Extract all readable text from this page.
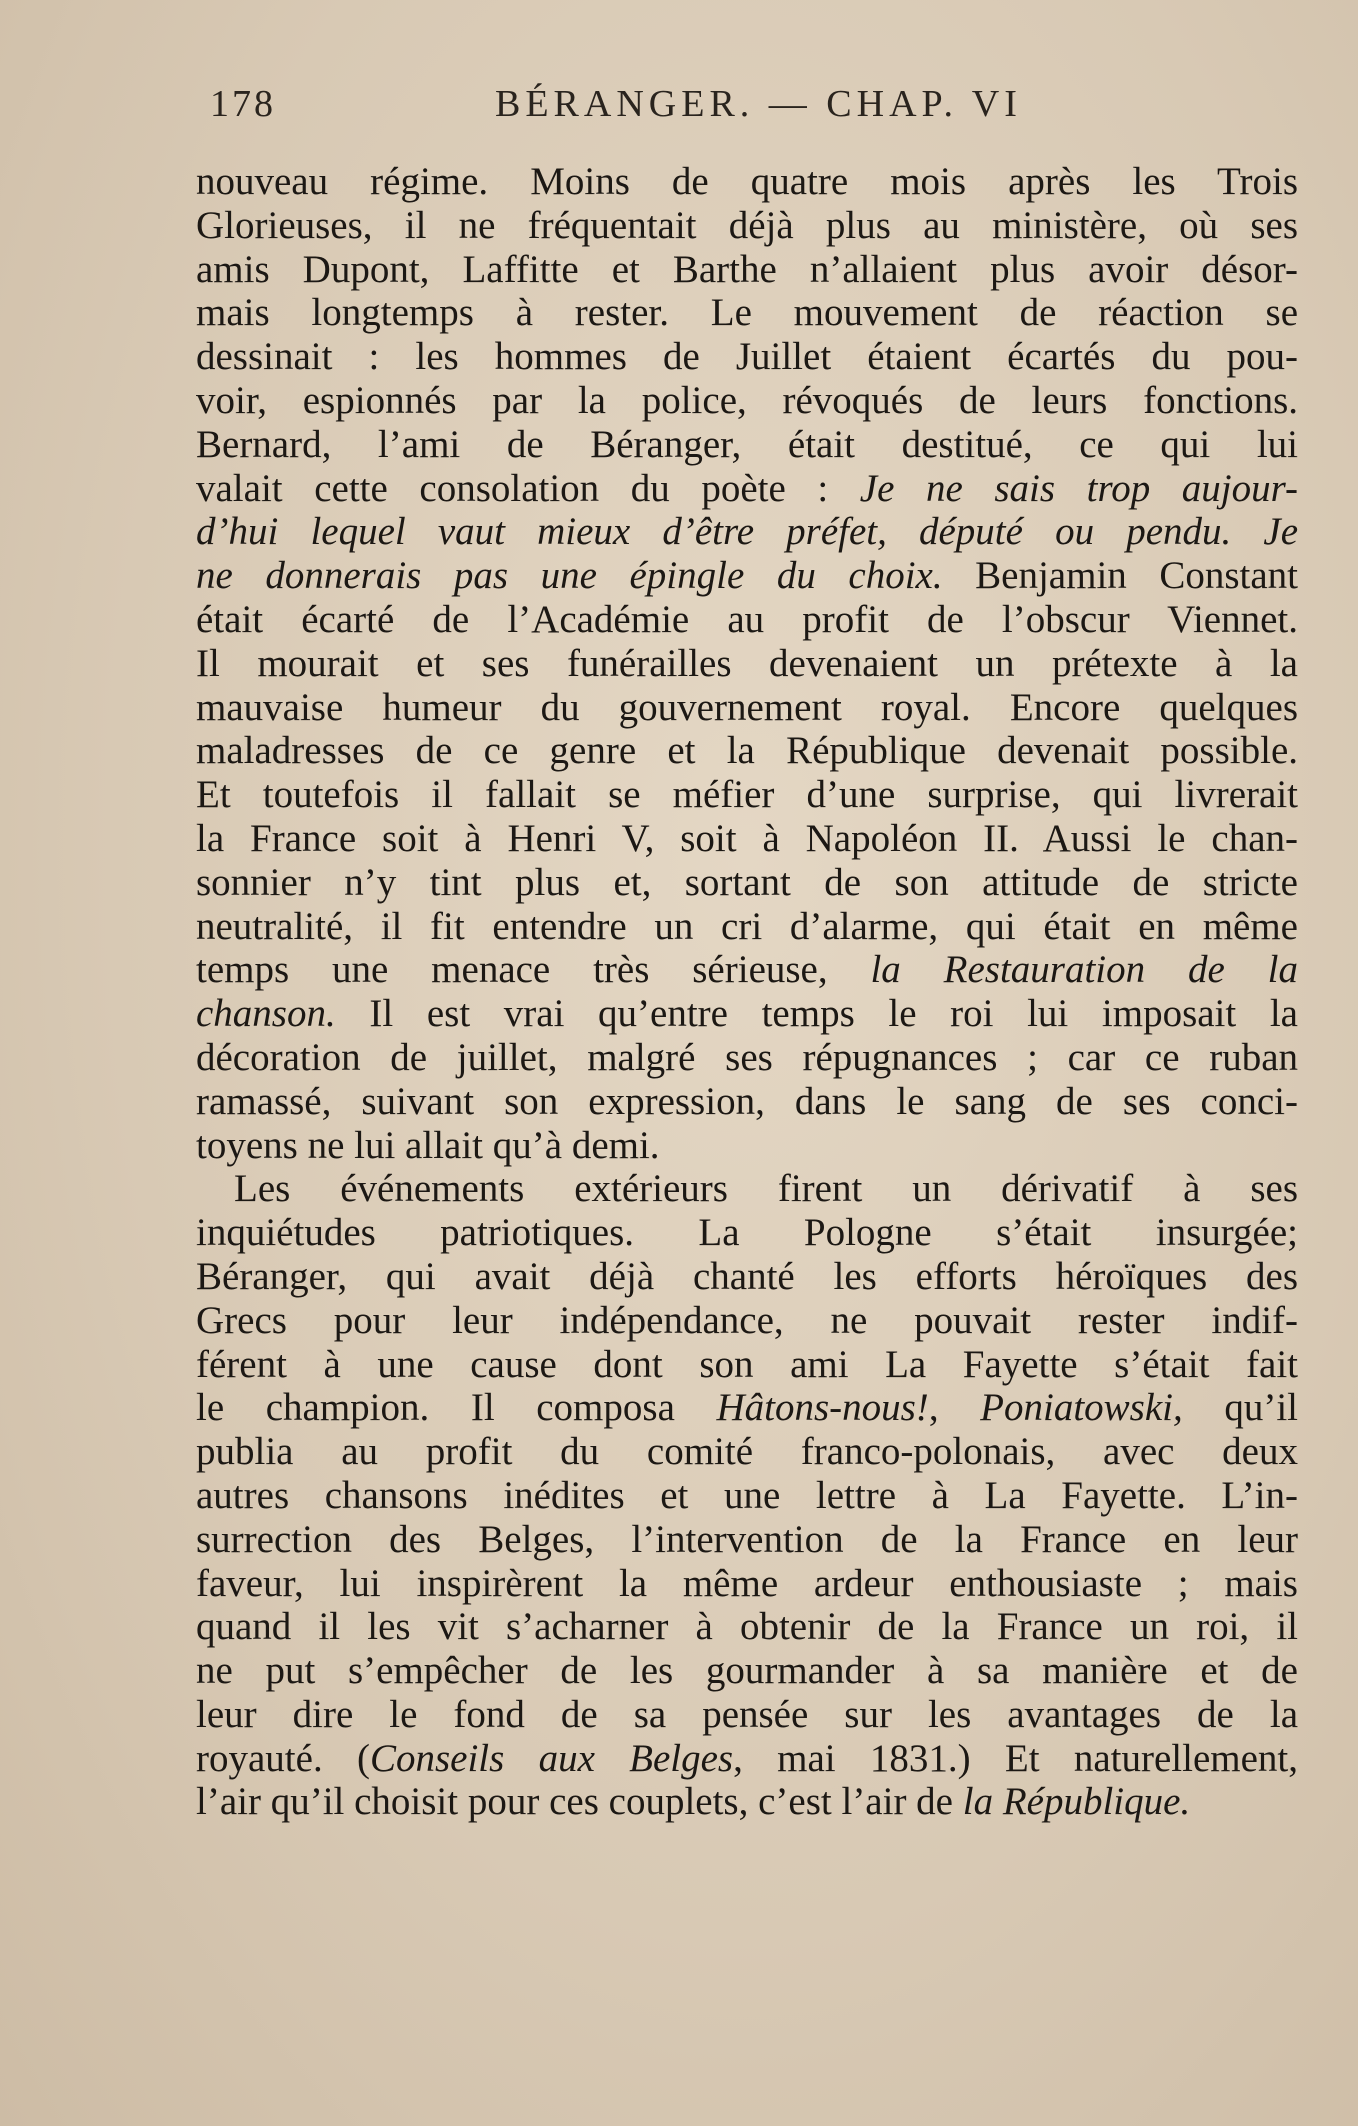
178	BÉRANGER. — CHAP. VI
nouveau régime. Moins de quatre mois après les Trois
Glorieuses, il ne fréquentait déjà plus au ministère, où ses
amis Dupont, Laffitte et Barthe n’allaient plus avoir désor-
mais longtemps à rester. Le mouvement de réaction se
dessinait : les hommes de Juillet étaient écartés du pou-
voir, espionnés par la police, révoqués de leurs fonctions.
Bernard, l’ami de Béranger, était destitué, ce qui lui
valait cette consolation du poète : Je ne sais trop aujour-
d’hui lequel vaut mieux d’être préfet, député ou pendu. Je
ne donnerais pas une épingle du choix. Benjamin Constant
était écarté de l’Académie au profit de l’obscur Viennet.
Il mourait et ses funérailles devenaient un prétexte à la
mauvaise humeur du gouvernement royal. Encore quelques
maladresses de ce genre et la République devenait possible.
Et toutefois il fallait se méfier d’une surprise, qui livrerait
la France soit à Henri V, soit à Napoléon II. Aussi le chan-
sonnier n’y tint plus et, sortant de son attitude de stricte
neutralité, il fit entendre un cri d’alarme, qui était en même
temps une menace très sérieuse, la Restauration de la
chanson. Il est vrai qu’entre temps le roi lui imposait la
décoration de juillet, malgré ses répugnances ; car ce ruban
ramassé, suivant son expression, dans le sang de ses conci-
toyens ne lui allait qu’à demi.
Les événements extérieurs firent un dérivatif à ses
inquiétudes patriotiques. La Pologne s’était insurgée;
Béranger, qui avait déjà chanté les efforts héroïques des
Grecs pour leur indépendance, ne pouvait rester indif-
férent à une cause dont son ami La Fayette s’était fait
le champion. Il composa Hâtons-nous!, Poniatowski, qu’il
publia au profit du comité franco-polonais, avec deux
autres chansons inédites et une lettre à La Fayette. L’in-
surrection des Belges, l’intervention de la France en leur
faveur, lui inspirèrent la même ardeur enthousiaste ; mais
quand il les vit s’acharner à obtenir de la France un roi, il
ne put s’empêcher de les gourmander à sa manière et de
leur dire le fond de sa pensée sur les avantages de la
royauté. (Conseils aux Belges, mai 1831.) Et naturellement,
l’air qu’il choisit pour ces couplets, c’est l’air de la République.
